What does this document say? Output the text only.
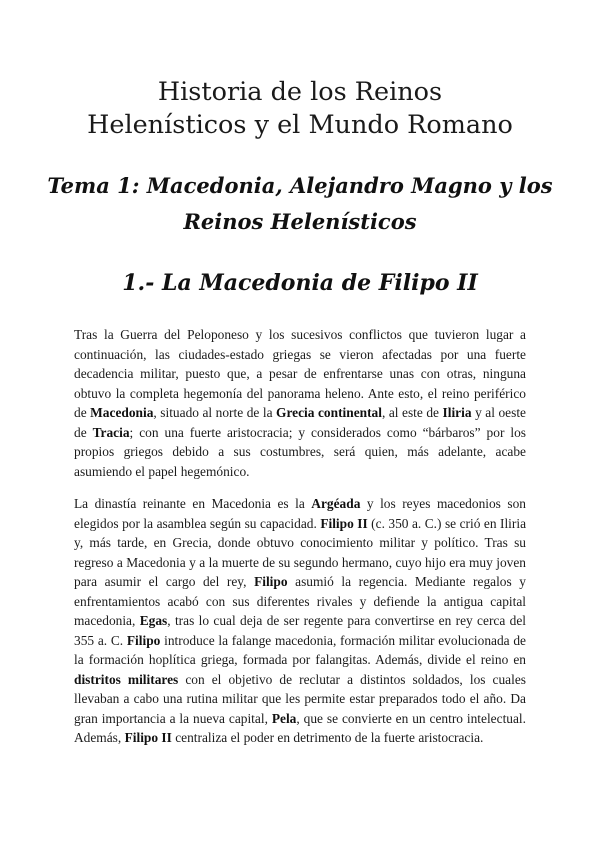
Historia de los Reinos
Helenísticos y el Mundo Romano
Tema 1: Macedonia, Alejandro Magno y los
Reinos Helenísticos
1.- La Macedonia de Filipo II

Tras la Guerra del Peloponeso y los sucesivos conflictos que tuvieron lugar a continuación, las ciudades-estado griegas se vieron afectadas por una fuerte decadencia militar, puesto que, a pesar de enfrentarse unas con otras, ninguna obtuvo la completa hegemonía del panorama heleno. Ante esto, el reino periférico de Macedonia, situado al norte de la Grecia continental, al este de Iliria y al oeste de Tracia; con una fuerte aristocracia; y considerados como “bárbaros” por los propios griegos debido a sus costumbres, será quien, más adelante, acabe asumiendo el papel hegemónico.

La dinastía reinante en Macedonia es la Argéada y los reyes macedonios son elegidos por la asamblea según su capacidad. Filipo II (c. 350 a. C.) se crió en Iliria y, más tarde, en Grecia, donde obtuvo conocimiento militar y político. Tras su regreso a Macedonia y a la muerte de su segundo hermano, cuyo hijo era muy joven para asumir el cargo del rey, Filipo asumió la regencia. Mediante regalos y enfrentamientos acabó con sus diferentes rivales y defiende la antigua capital macedonia, Egas, tras lo cual deja de ser regente para convertirse en rey cerca del 355 a. C. Filipo introduce la falange macedonia, formación militar evolucionada de la formación hoplítica griega, formada por falangitas. Además, divide el reino en distritos militares con el objetivo de reclutar a distintos soldados, los cuales llevaban a cabo una rutina militar que les permite estar preparados todo el año. Da gran importancia a la nueva capital, Pela, que se convierte en un centro intelectual. Además, Filipo II centraliza el poder en detrimento de la fuerte aristocracia.
